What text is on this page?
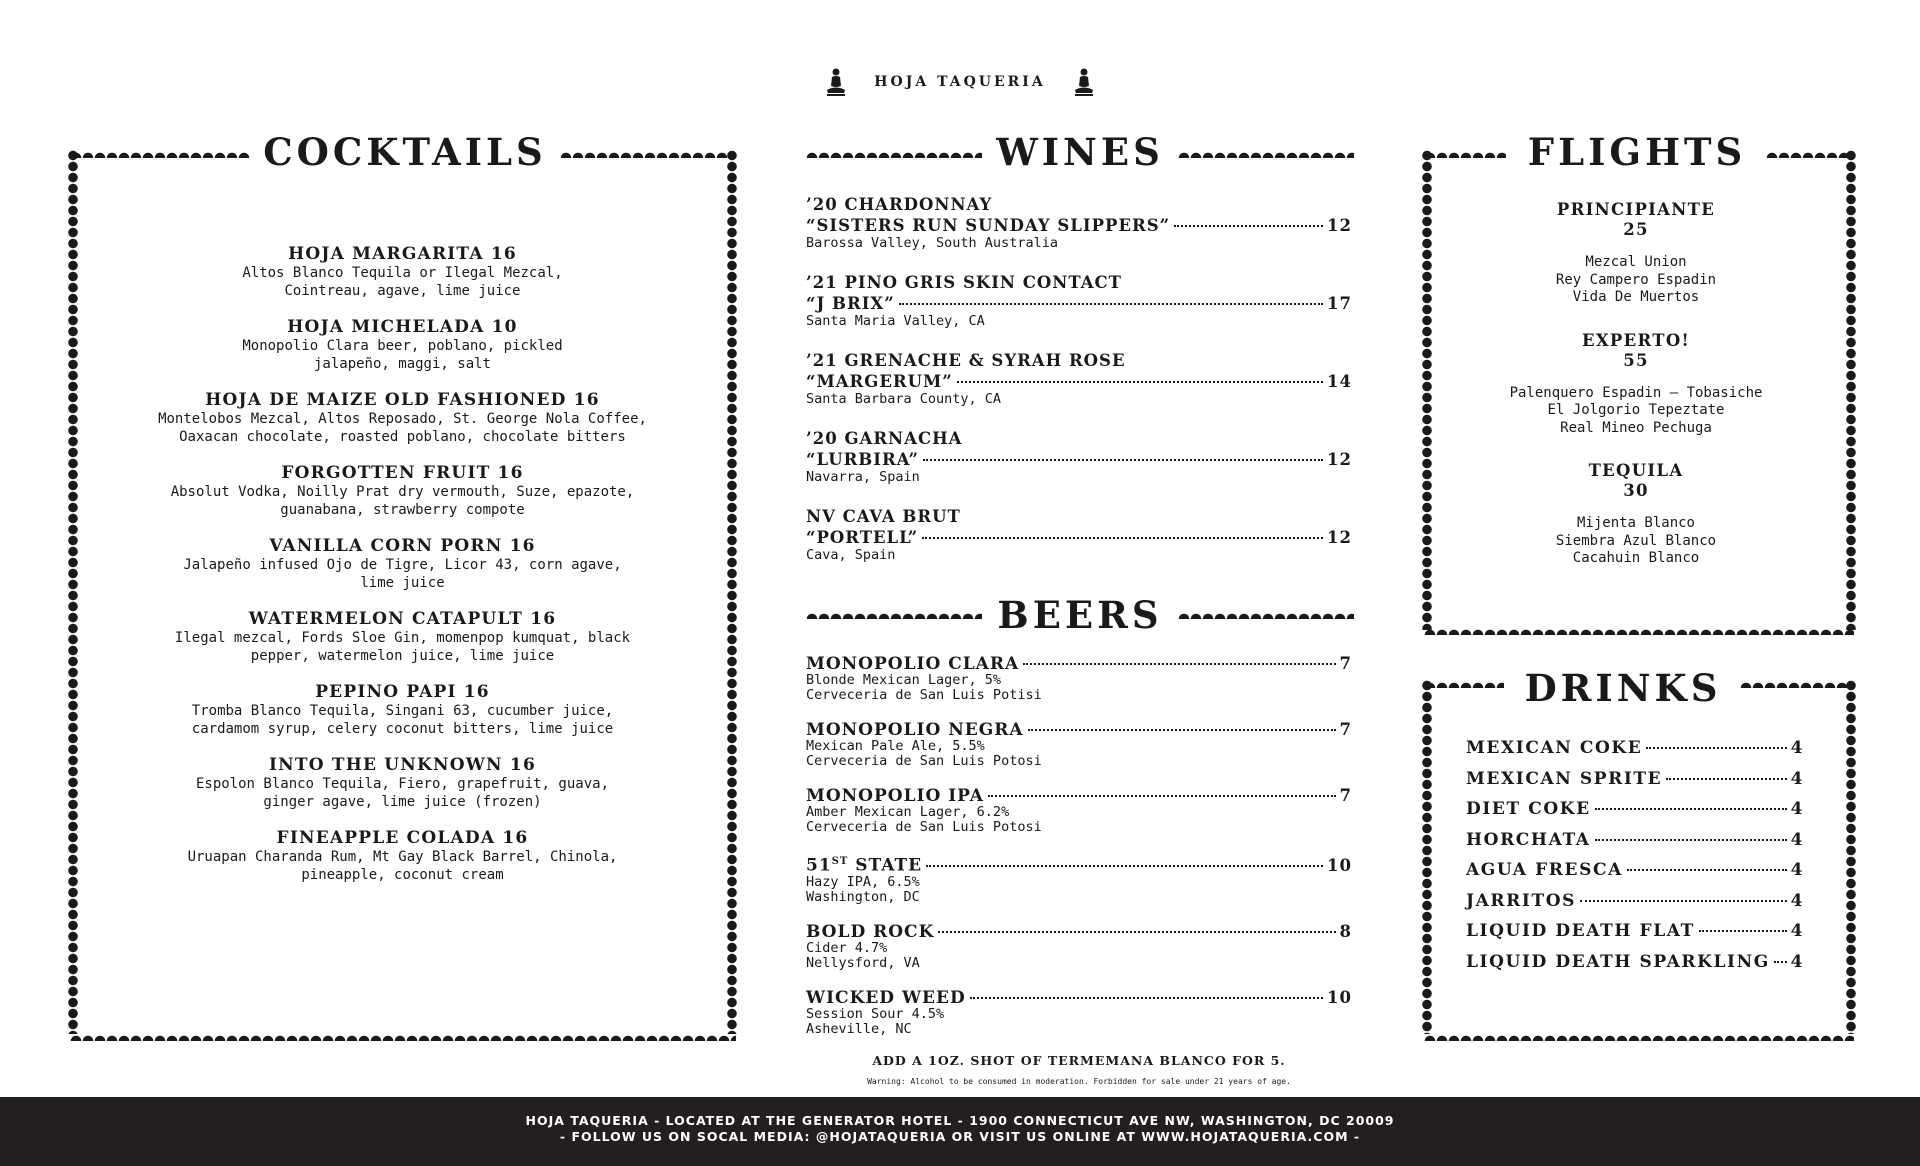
HOJA TAQUERIA
COCKTAILS
HOJA MARGARITA 16
Altos Blanco Tequila or Ilegal Mezcal,
Cointreau, agave, lime juice
HOJA MICHELADA 10
Monopolio Clara beer, poblano, pickled
jalapeño, maggi, salt
HOJA DE MAIZE OLD FASHIONED 16
Montelobos Mezcal, Altos Reposado, St. George Nola Coffee,
Oaxacan chocolate, roasted poblano, chocolate bitters
FORGOTTEN FRUIT 16
Absolut Vodka, Noilly Prat dry vermouth, Suze, epazote,
guanabana, strawberry compote
VANILLA CORN PORN 16
Jalapeño infused Ojo de Tigre, Licor 43, corn agave,
lime juice
WATERMELON CATAPULT 16
Ilegal mezcal, Fords Sloe Gin, momenpop kumquat, black
pepper, watermelon juice, lime juice
PEPINO PAPI 16
Tromba Blanco Tequila, Singani 63, cucumber juice,
cardamom syrup, celery coconut bitters, lime juice
INTO THE UNKNOWN 16
Espolon Blanco Tequila, Fiero, grapefruit, guava,
ginger agave, lime juice (frozen)
FINEAPPLE COLADA 16
Uruapan Charanda Rum, Mt Gay Black Barrel, Chinola,
pineapple, coconut cream
WINES
’20 CHARDONNAY
“SISTERS RUN SUNDAY SLIPPERS”	12
Barossa Valley, South Australia
’21 PINO GRIS SKIN CONTACT
“J BRIX”	17
Santa Maria Valley, CA
’21 GRENACHE & SYRAH ROSE
“MARGERUM”	14
Santa Barbara County, CA
’20 GARNACHA
“LURBIRA”	12
Navarra, Spain
NV CAVA BRUT
“PORTELL”	12
Cava, Spain
BEERS
MONOPOLIO CLARA	7
Blonde Mexican Lager, 5%
Cerveceria de San Luis Potisi
MONOPOLIO NEGRA	7
Mexican Pale Ale, 5.5%
Cerveceria de San Luis Potosi
MONOPOLIO IPA	7
Amber Mexican Lager, 6.2%
Cerveceria de San Luis Potosi
51ST STATE	10
Hazy IPA, 6.5%
Washington, DC
BOLD ROCK	8
Cider 4.7%
Nellysford, VA
WICKED WEED	10
Session Sour 4.5%
Asheville, NC
ADD A 1OZ. SHOT OF TERMEMANA BLANCO FOR 5.
Warning: Alcohol to be consumed in moderation. Forbidden for sale under 21 years of age.
FLIGHTS
PRINCIPIANTE
25
Mezcal Union
Rey Campero Espadin
Vida De Muertos
EXPERTO!
55
Palenquero Espadin — Tobasiche
El Jolgorio Tepeztate
Real Mineo Pechuga
TEQUILA
30
Mijenta Blanco
Siembra Azul Blanco
Cacahuin Blanco
DRINKS
MEXICAN COKE	4
MEXICAN SPRITE	4
DIET COKE	4
HORCHATA	4
AGUA FRESCA	4
JARRITOS	4
LIQUID DEATH FLAT	4
LIQUID DEATH SPARKLING 4
HOJA TAQUERIA - LOCATED AT THE GENERATOR HOTEL - 1900 CONNECTICUT AVE NW, WASHINGTON, DC 20009
- FOLLOW US ON SOCAL MEDIA: @HOJATAQUERIA OR VISIT US ONLINE AT WWW.HOJATAQUERIA.COM -
